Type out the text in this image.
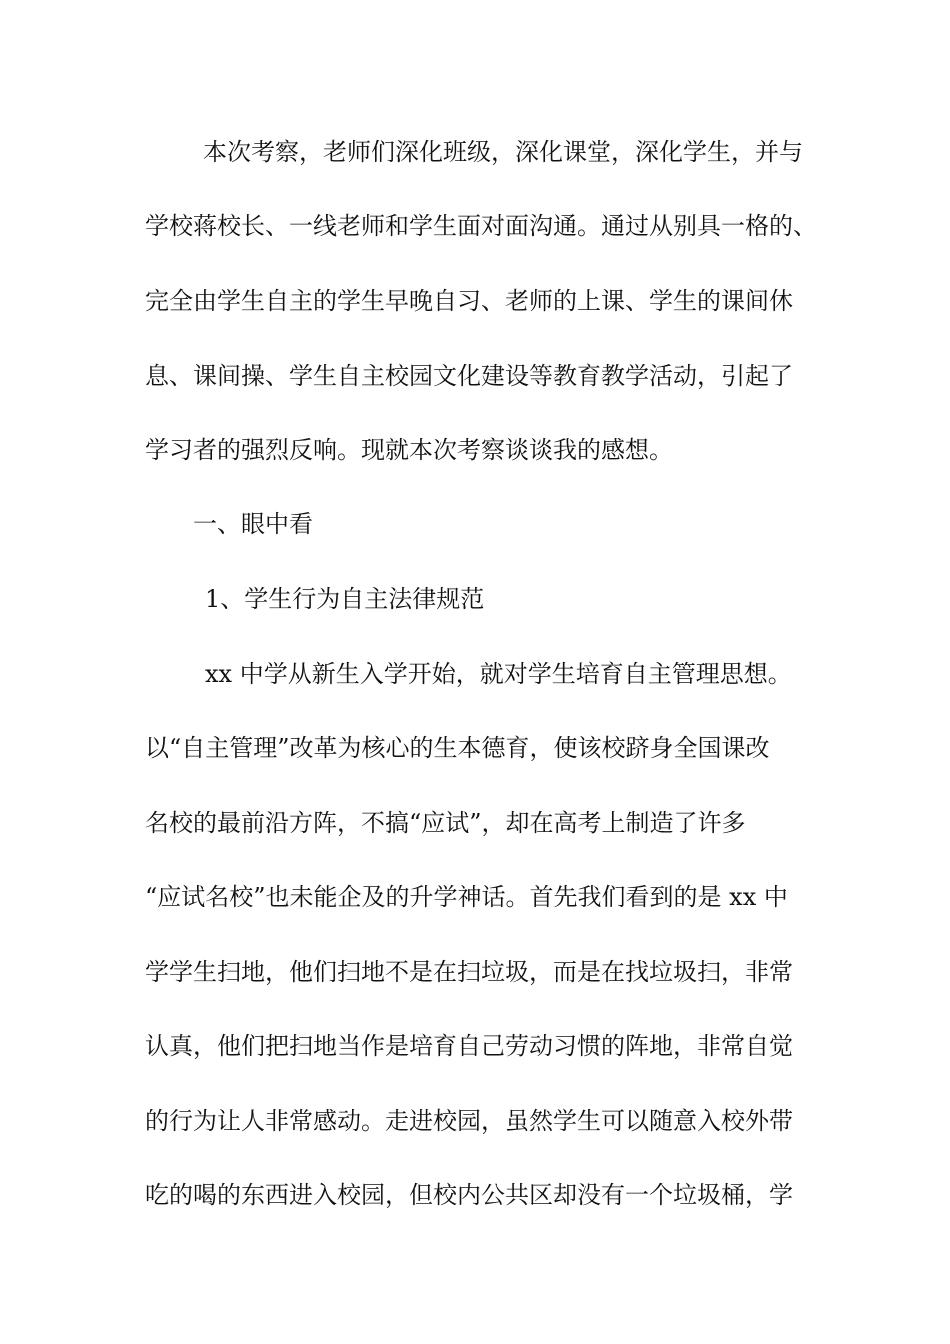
本次考察，老师们深化班级，深化课堂，深化学生，并与
学校蒋校长、一线老师和学生面对面沟通。通过从别具一格的、
完全由学生自主的学生早晚自习、老师的上课、学生的课间休
息、课间操、学生自主校园文化建设等教育教学活动，引起了
学习者的强烈反响。现就本次考察谈谈我的感想。
一、眼中看
1、学生行为自主法律规范
xx 中学从新生入学开始，就对学生培育自主管理思想。
以“自主管理”改革为核心的生本德育，使该校跻身全国课改
名校的最前沿方阵，不搞“应试”，却在高考上制造了许多
“应试名校”也未能企及的升学神话。首先我们看到的是 xx 中
学学生扫地，他们扫地不是在扫垃圾，而是在找垃圾扫，非常
认真，他们把扫地当作是培育自己劳动习惯的阵地，非常自觉
的行为让人非常感动。走进校园，虽然学生可以随意入校外带
吃的喝的东西进入校园，但校内公共区却没有一个垃圾桶，学
